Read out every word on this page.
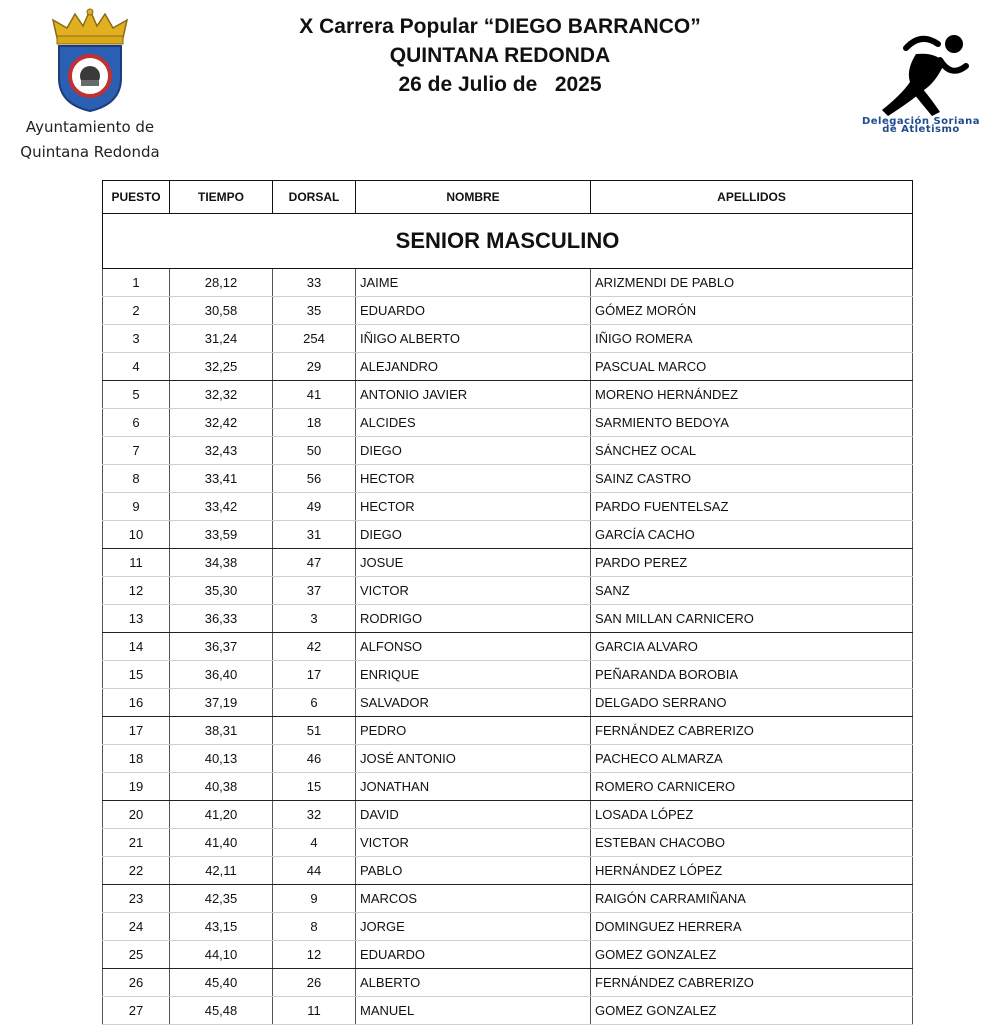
Ayuntamiento de
Quintana Redonda
X Carrera Popular “DIEGO BARRANCO”
QUINTANA REDONDA
26 de Julio de   2025
Delegación Soriana
de Atletismo
PUESTO	TIEMPO	DORSAL	NOMBRE	APELLIDOS
SENIOR MASCULINO				
1	28,12	33	JAIME	ARIZMENDI DE PABLO
2	30,58	35	EDUARDO	GÓMEZ MORÓN
3	31,24	254	IÑIGO ALBERTO	IÑIGO ROMERA
4	32,25	29	ALEJANDRO	PASCUAL MARCO
5	32,32	41	ANTONIO JAVIER	MORENO HERNÁNDEZ
6	32,42	18	ALCIDES	SARMIENTO BEDOYA
7	32,43	50	DIEGO	SÁNCHEZ OCAL
8	33,41	56	HECTOR	SAINZ CASTRO
9	33,42	49	HECTOR	PARDO FUENTELSAZ
10	33,59	31	DIEGO	GARCÍA CACHO
11	34,38	47	JOSUE	PARDO PEREZ
12	35,30	37	VICTOR	SANZ
13	36,33	3	RODRIGO	SAN MILLAN CARNICERO
14	36,37	42	ALFONSO	GARCIA ALVARO
15	36,40	17	ENRIQUE	PEÑARANDA BOROBIA
16	37,19	6	SALVADOR	DELGADO SERRANO
17	38,31	51	PEDRO	FERNÁNDEZ CABRERIZO
18	40,13	46	JOSÉ ANTONIO	PACHECO ALMARZA
19	40,38	15	JONATHAN	ROMERO CARNICERO
20	41,20	32	DAVID	LOSADA LÓPEZ
21	41,40	4	VICTOR	ESTEBAN CHACOBO
22	42,11	44	PABLO	HERNÁNDEZ LÓPEZ
23	42,35	9	MARCOS	RAIGÓN CARRAMIÑANA
24	43,15	8	JORGE	DOMINGUEZ HERRERA
25	44,10	12	EDUARDO	GOMEZ GONZALEZ
26	45,40	26	ALBERTO	FERNÁNDEZ CABRERIZO
27	45,48	11	MANUEL	GOMEZ GONZALEZ
